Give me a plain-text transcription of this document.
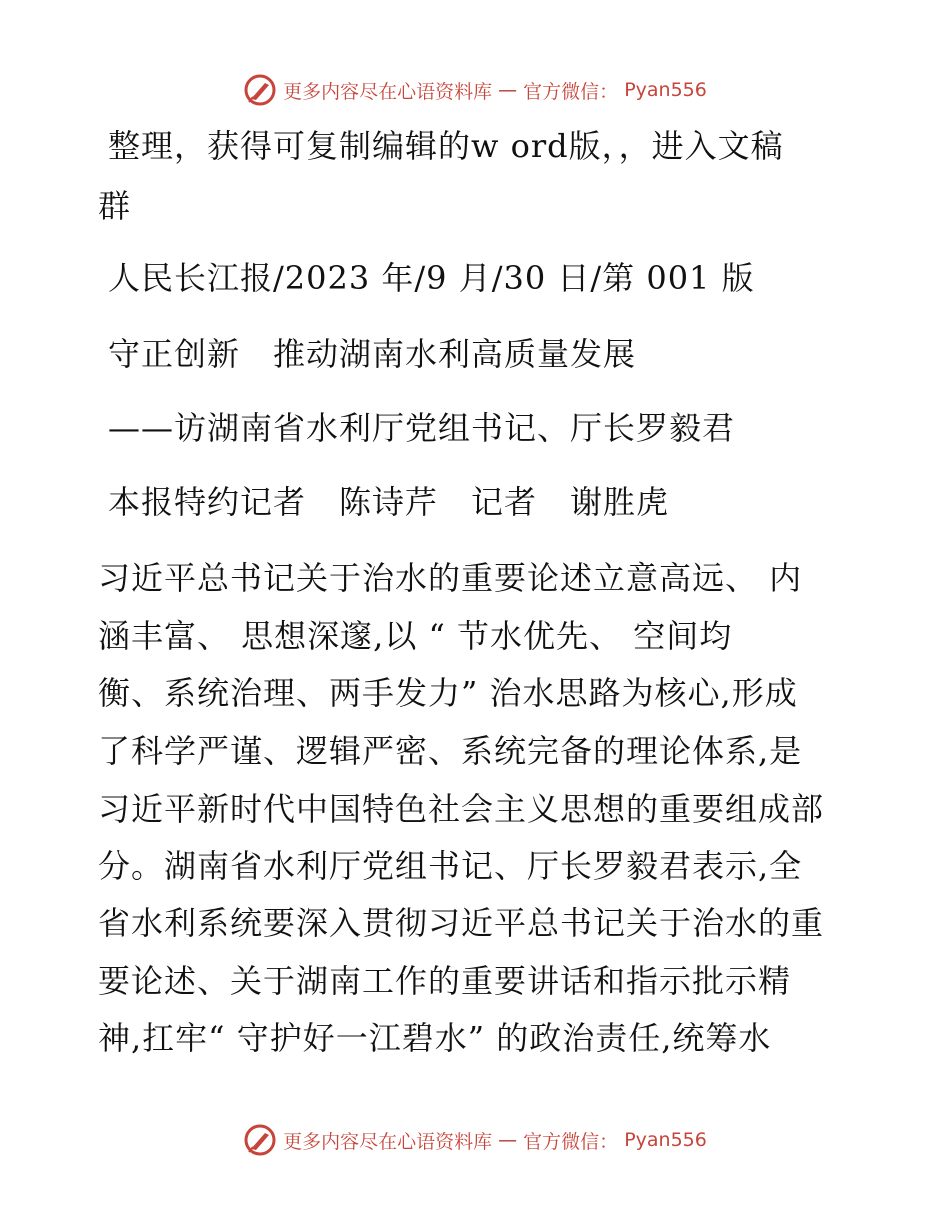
更多内容尽在心语资料库 — 官方微信： Pyan556
整理，获得可复制编辑的w ord版，，进入文稿
群
人民长江报/2023 年/9 月/30 日/第 001 版
守正创新　推动湖南水利高质量发展
——访湖南省水利厅党组书记、厅长罗毅君
本报特约记者　陈诗芹　记者　谢胜虎
习近平总书记关于治水的重要论述立意高远、 内
涵丰富、 思想深邃,以 “ 节水优先、 空间均
衡、系统治理、两手发力” 治水思路为核心,形成
了科学严谨、逻辑严密、系统完备的理论体系,是
习近平新时代中国特色社会主义思想的重要组成部
分。湖南省水利厅党组书记、厅长罗毅君表示,全
省水利系统要深入贯彻习近平总书记关于治水的重
要论述、关于湖南工作的重要讲话和指示批示精
神,扛牢“ 守护好一江碧水” 的政治责任,统筹水
更多内容尽在心语资料库 — 官方微信： Pyan556
